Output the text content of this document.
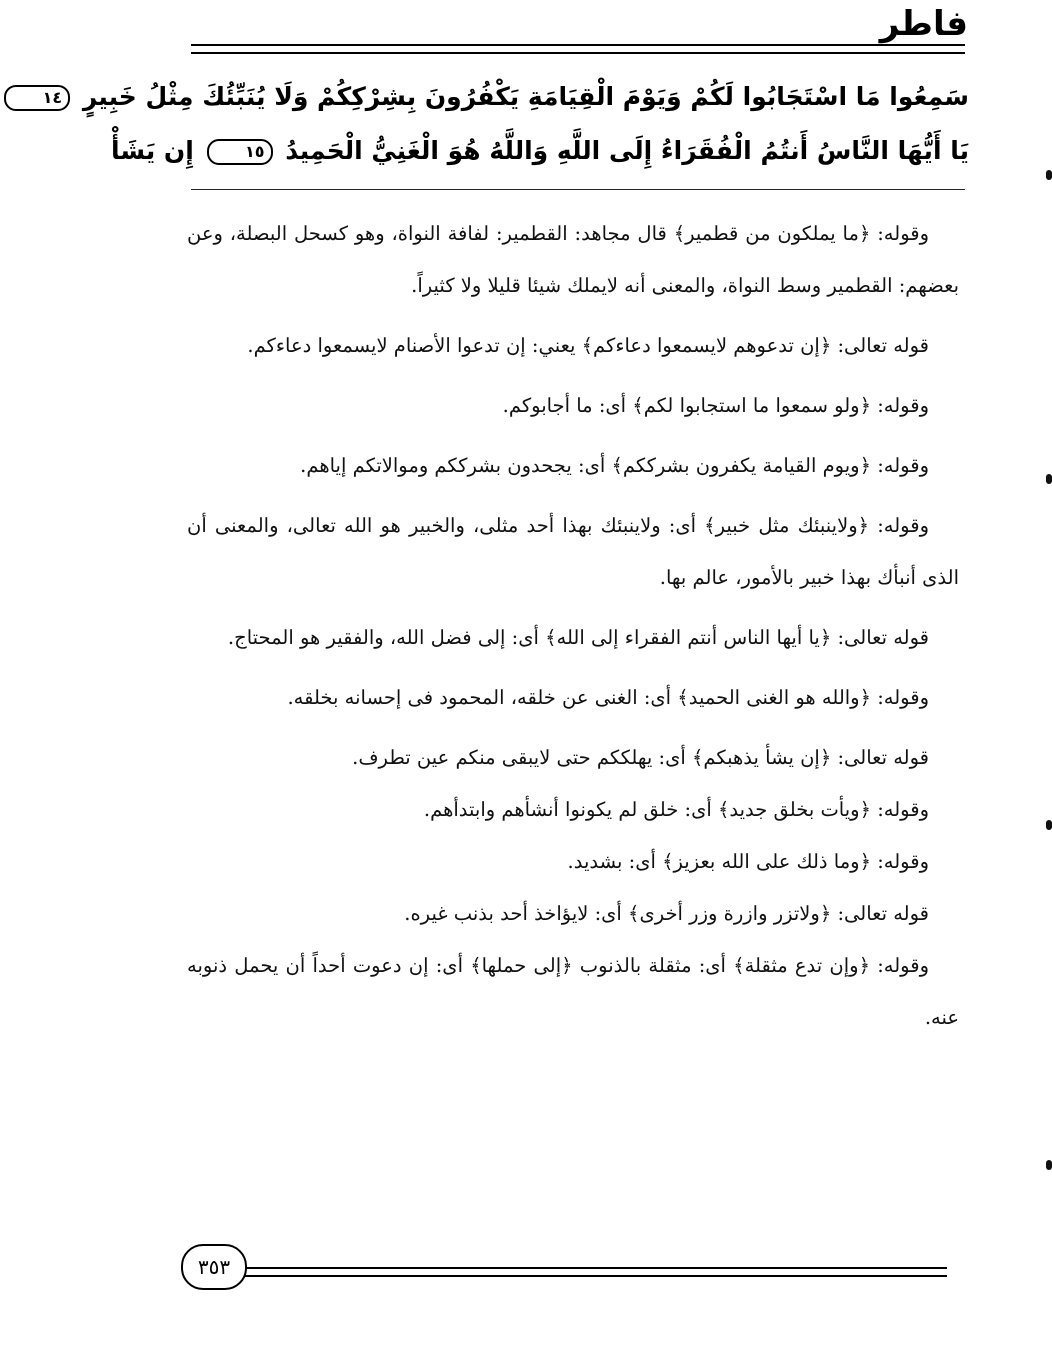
فاطر
سَمِعُوا مَا اسْتَجَابُوا لَكُمْ وَيَوْمَ الْقِيَامَةِ يَكْفُرُونَ بِشِرْكِكُمْ وَلَا يُنَبِّئُكَ مِثْلُ خَبِيرٍ ١٤
يَا أَيُّهَا النَّاسُ أَنتُمُ الْفُقَرَاءُ إِلَى اللَّهِ وَاللَّهُ هُوَ الْغَنِيُّ الْحَمِيدُ ١٥ إِن يَشَأْ

وقوله: ﴿ما يملكون من قطمير﴾ قال مجاهد: القطمير: لفافة النواة، وهو كسحل البصلة، وعن بعضهم: القطمير وسط النواة، والمعنى أنه لايملك شيئا قليلا ولا كثيراً.

قوله تعالى: ﴿إن تدعوهم لايسمعوا دعاءكم﴾ يعني: إن تدعوا الأصنام لايسمعوا دعاءكم.

وقوله: ﴿ولو سمعوا ما استجابوا لكم﴾ أى: ما أجابوكم.

وقوله: ﴿ويوم القيامة يكفرون بشرككم﴾ أى: يجحدون بشرككم وموالاتكم إياهم.

وقوله: ﴿ولاينبئك مثل خبير﴾ أى: ولاينبئك بهذا أحد مثلى، والخبير هو الله تعالى، والمعنى أن الذى أنبأك بهذا خبير بالأمور، عالم بها.

قوله تعالى: ﴿يا أيها الناس أنتم الفقراء إلى الله﴾ أى: إلى فضل الله، والفقير هو المحتاج.

وقوله: ﴿والله هو الغنى الحميد﴾ أى: الغنى عن خلقه، المحمود فى إحسانه بخلقه.

قوله تعالى: ﴿إن يشأ يذهبكم﴾ أى: يهلككم حتى لايبقى منكم عين تطرف.

وقوله: ﴿ويأت بخلق جديد﴾ أى: خلق لم يكونوا أنشأهم وابتدأهم.

وقوله: ﴿وما ذلك على الله بعزيز﴾ أى: بشديد.

قوله تعالى: ﴿ولاتزر وازرة وزر أخرى﴾ أى: لايؤاخذ أحد بذنب غيره.

وقوله: ﴿وإن تدع مثقلة﴾ أى: مثقلة بالذنوب ﴿إلى حملها﴾ أى: إن دعوت أحداً أن يحمل ذنوبه عنه.

٣٥٣
